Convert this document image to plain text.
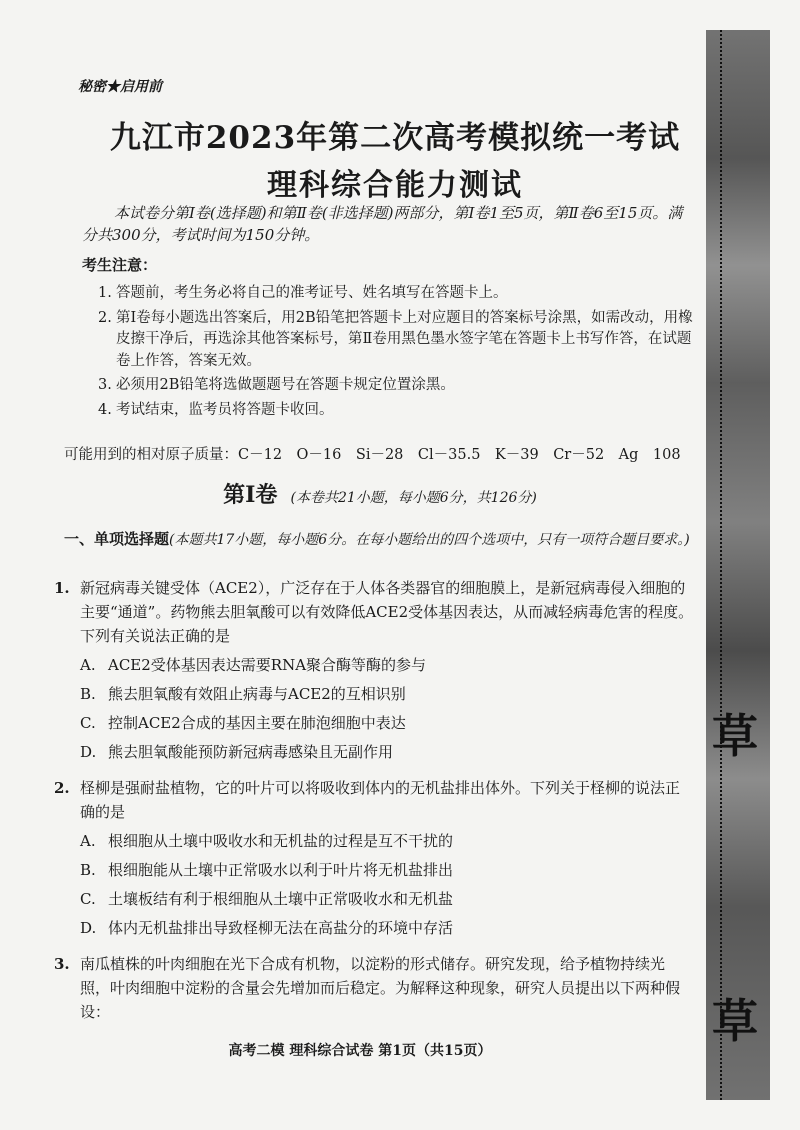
草
草
秘密★启用前
九江市2023年第二次高考模拟统一考试
理科综合能力测试
本试卷分第Ⅰ卷(选择题)和第Ⅱ卷(非选择题)两部分，第Ⅰ卷1至5页，第Ⅱ卷6至15页。满分共300分，考试时间为150分钟。
考生注意：
1. 答题前，考生务必将自己的准考证号、姓名填写在答题卡上。
2. 第Ⅰ卷每小题选出答案后，用2B铅笔把答题卡上对应题目的答案标号涂黑，如需改动，用橡皮擦干净后，再选涂其他答案标号，第Ⅱ卷用黑色墨水签字笔在答题卡上书写作答，在试题卷上作答，答案无效。
3. 必须用2B铅笔将选做题题号在答题卡规定位置涂黑。
4. 考试结束，监考员将答题卡收回。
可能用到的相对原子质量：C－12　O－16　Si－28　Cl－35.5　K－39　Cr－52　Ag　108
第Ⅰ卷 (本卷共21小题，每小题6分，共126分)
一、单项选择题(本题共17小题，每小题6分。在每小题给出的四个选项中，只有一项符合题目要求。)
1. 新冠病毒关键受体（ACE2），广泛存在于人体各类器官的细胞膜上，是新冠病毒侵入细胞的主要“通道”。药物熊去胆氧酸可以有效降低ACE2受体基因表达，从而减轻病毒危害的程度。下列有关说法正确的是
A. ACE2受体基因表达需要RNA聚合酶等酶的参与
B. 熊去胆氧酸有效阻止病毒与ACE2的互相识别
C. 控制ACE2合成的基因主要在肺泡细胞中表达
D. 熊去胆氧酸能预防新冠病毒感染且无副作用
2. 柽柳是强耐盐植物，它的叶片可以将吸收到体内的无机盐排出体外。下列关于柽柳的说法正确的是
A. 根细胞从土壤中吸收水和无机盐的过程是互不干扰的
B. 根细胞能从土壤中正常吸水以利于叶片将无机盐排出
C. 土壤板结有利于根细胞从土壤中正常吸收水和无机盐
D. 体内无机盐排出导致柽柳无法在高盐分的环境中存活
3. 南瓜植株的叶肉细胞在光下合成有机物，以淀粉的形式储存。研究发现，给予植物持续光照，叶肉细胞中淀粉的含量会先增加而后稳定。为解释这种现象，研究人员提出以下两种假设：
高考二模 理科综合试卷 第1页（共15页）
